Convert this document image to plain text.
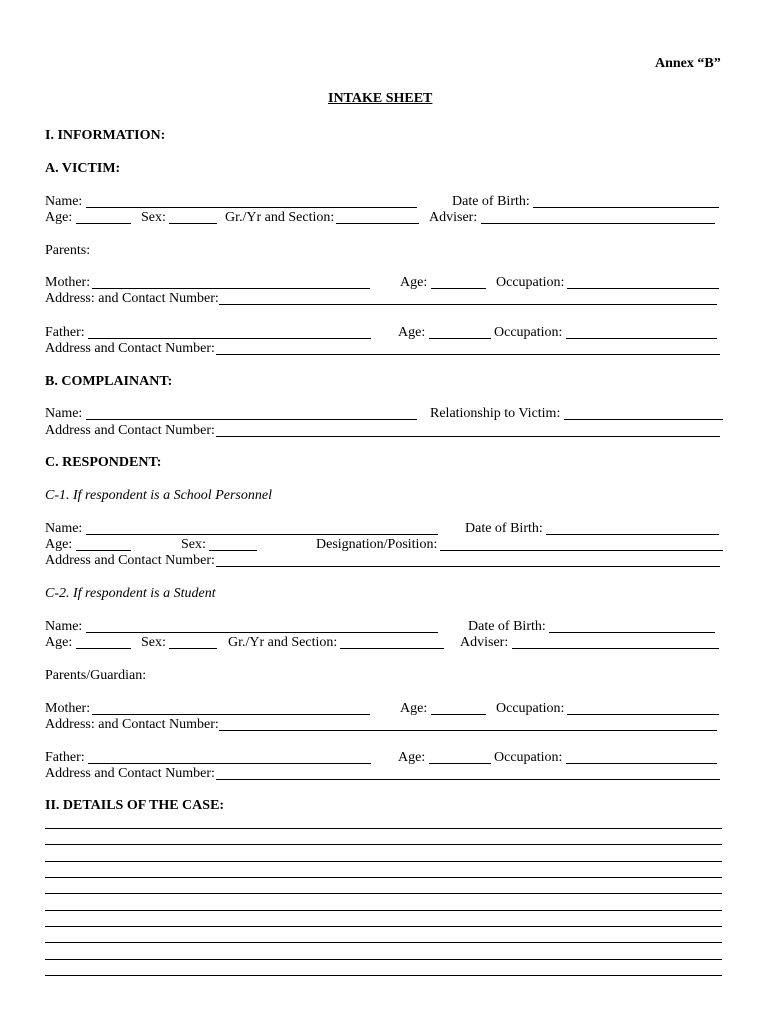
Annex “B”
INTAKE SHEET
I. INFORMATION:
A. VICTIM:
Name:	Date of Birth:
Age:	Sex:	Gr./Yr and Section:	Adviser:
Parents:
Mother:	Age:	Occupation:
Address: and Contact Number:
Father:	Age:	Occupation:
Address and Contact Number:
B. COMPLAINANT:
Name:	Relationship to Victim:
Address and Contact Number:
C. RESPONDENT:
C-1. If respondent is a School Personnel
Name:	Date of Birth:
Age:	Sex:	Designation/Position:
Address and Contact Number:
C-2. If respondent is a Student
Name:	Date of Birth:
Age:	Sex:	Gr./Yr and Section:	Adviser:
Parents/Guardian:
Mother:	Age:	Occupation:
Address: and Contact Number:
Father:	Age:	Occupation:
Address and Contact Number:
II. DETAILS OF THE CASE:
